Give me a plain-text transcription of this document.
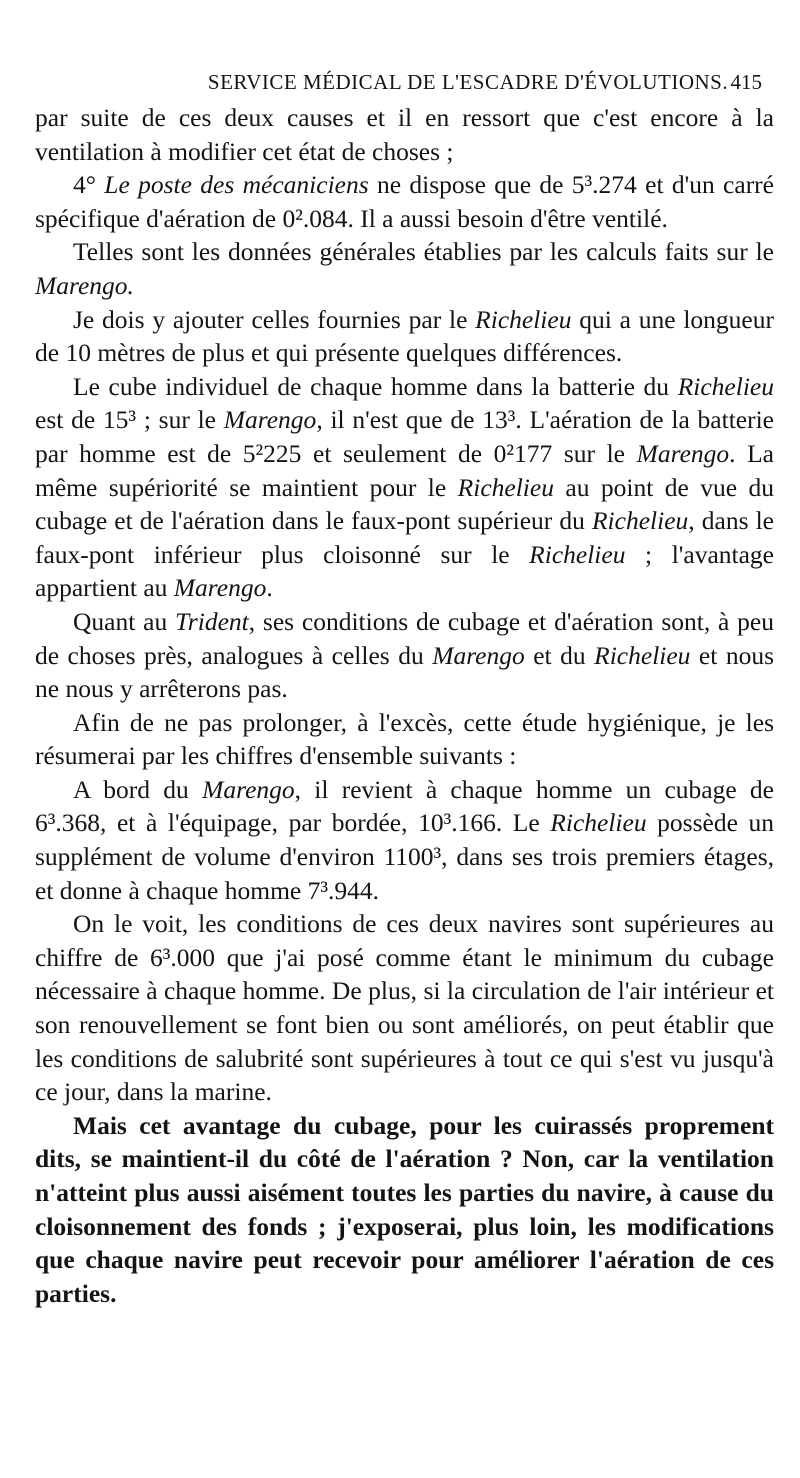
SERVICE MÉDICAL DE L'ESCADRE D'ÉVOLUTIONS. 415

par suite de ces deux causes et il en ressort que c'est encore à la ventilation à modifier cet état de choses ;

4° Le poste des mécaniciens ne dispose que de 5³.274 et d'un carré spécifique d'aération de 0².084. Il a aussi besoin d'être ventilé.

Telles sont les données générales établies par les calculs faits sur le Marengo.

Je dois y ajouter celles fournies par le Richelieu qui a une longueur de 10 mètres de plus et qui présente quelques différences.

Le cube individuel de chaque homme dans la batterie du Richelieu est de 15³ ; sur le Marengo, il n'est que de 13³. L'aération de la batterie par homme est de 5²225 et seulement de 0²177 sur le Marengo. La même supériorité se maintient pour le Richelieu au point de vue du cubage et de l'aération dans le faux-pont supérieur du Richelieu, dans le faux-pont inférieur plus cloisonné sur le Richelieu ; l'avantage appartient au Marengo.

Quant au Trident, ses conditions de cubage et d'aération sont, à peu de choses près, analogues à celles du Marengo et du Richelieu et nous ne nous y arrêterons pas.

Afin de ne pas prolonger, à l'excès, cette étude hygiénique, je les résumerai par les chiffres d'ensemble suivants :

A bord du Marengo, il revient à chaque homme un cubage de 6³.368, et à l'équipage, par bordée, 10³.166. Le Richelieu possède un supplément de volume d'environ 1100³, dans ses trois premiers étages, et donne à chaque homme 7³.944.

On le voit, les conditions de ces deux navires sont supérieures au chiffre de 6³.000 que j'ai posé comme étant le minimum du cubage nécessaire à chaque homme. De plus, si la circulation de l'air intérieur et son renouvellement se font bien ou sont améliorés, on peut établir que les conditions de salubrité sont supérieures à tout ce qui s'est vu jusqu'à ce jour, dans la marine.

Mais cet avantage du cubage, pour les cuirassés proprement dits, se maintient-il du côté de l'aération ? Non, car la ventilation n'atteint plus aussi aisément toutes les parties du navire, à cause du cloisonnement des fonds ; j'exposerai, plus loin, les modifications que chaque navire peut recevoir pour améliorer l'aération de ces parties.
